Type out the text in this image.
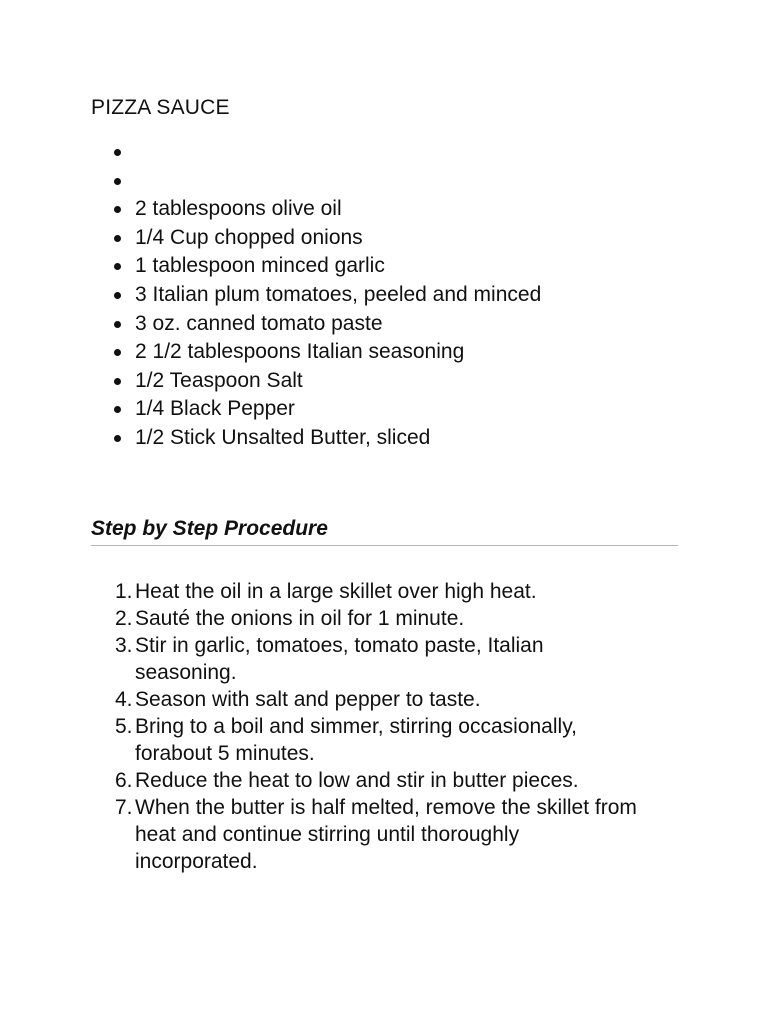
PIZZA SAUCE
2 tablespoons olive oil
1/4 Cup chopped onions
1 tablespoon minced garlic
3 Italian plum tomatoes, peeled and minced
3 oz. canned tomato paste
2 1/2 tablespoons Italian seasoning
1/2 Teaspoon Salt
1/4 Black Pepper
1/2 Stick Unsalted Butter, sliced
Step by Step Procedure
1. Heat the oil in a large skillet over high heat.
2. Sauté the onions in oil for 1 minute.
3. Stir in garlic, tomatoes, tomato paste, Italian
seasoning.
4. Season with salt and pepper to taste.
5. Bring to a boil and simmer, stirring occasionally,
forabout 5 minutes.
6. Reduce the heat to low and stir in butter pieces.
7. When the butter is half melted, remove the skillet from
heat and continue stirring until thoroughly
incorporated.
